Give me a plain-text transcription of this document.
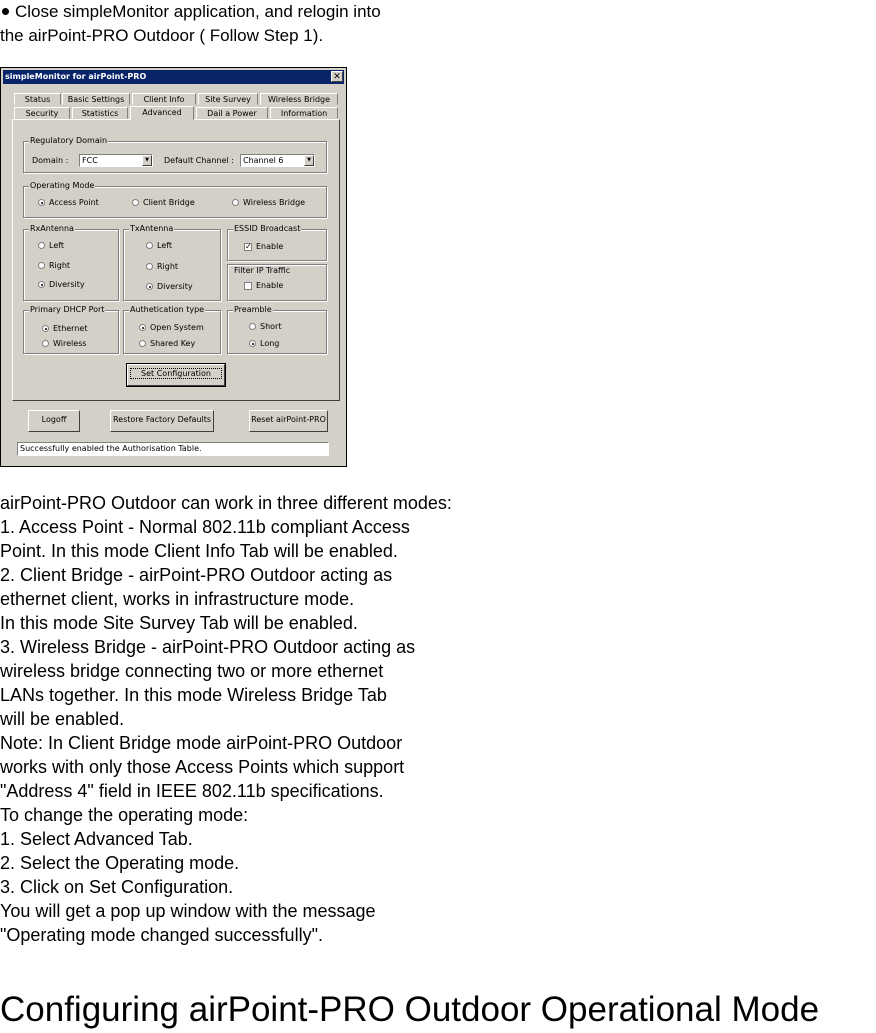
Close simpleMonitor application, and relogin into
the airPoint-PRO Outdoor ( Follow Step 1).
simpleMonitor for airPoint-PRO	✕
Status	Basic Settings	Client Info	Site Survey	Wireless Bridge
Security	Statistics	Advanced	Dail a Power	Information
Regulatory Domain
Domain :	FCC	▼	Default Channel :	Channel 6	▼
Operating Mode
Access Point	Client Bridge	Wireless Bridge
RxAntenna
Left
Right
Diversity
TxAntenna
Left
Right
Diversity
ESSID Broadcast
✓ Enable
Filter IP Traffic
Enable
Primary DHCP Port
Ethernet
Wireless
Authetication type
Open System
Shared Key
Preamble
Short
Long
Set Configuration
Logoff	Restore Factory Defaults	Reset airPoint-PRO
Successfully enabled the Authorisation Table.
airPoint-PRO Outdoor can work in three different modes:
1. Access Point - Normal 802.11b compliant Access
Point. In this mode Client Info Tab will be enabled.
2. Client Bridge - airPoint-PRO Outdoor acting as
ethernet client, works in infrastructure mode.
In this mode Site Survey Tab will be enabled.
3. Wireless Bridge - airPoint-PRO Outdoor acting as
wireless bridge connecting two or more ethernet
LANs together. In this mode Wireless Bridge Tab
will be enabled.
Note: In Client Bridge mode airPoint-PRO Outdoor
works with only those Access Points which support
"Address 4" field in IEEE 802.11b specifications.
To change the operating mode:
1. Select Advanced Tab.
2. Select the Operating mode.
3. Click on Set Configuration.
You will get a pop up window with the message
"Operating mode changed successfully".
Configuring airPoint-PRO Outdoor Operational Mode
